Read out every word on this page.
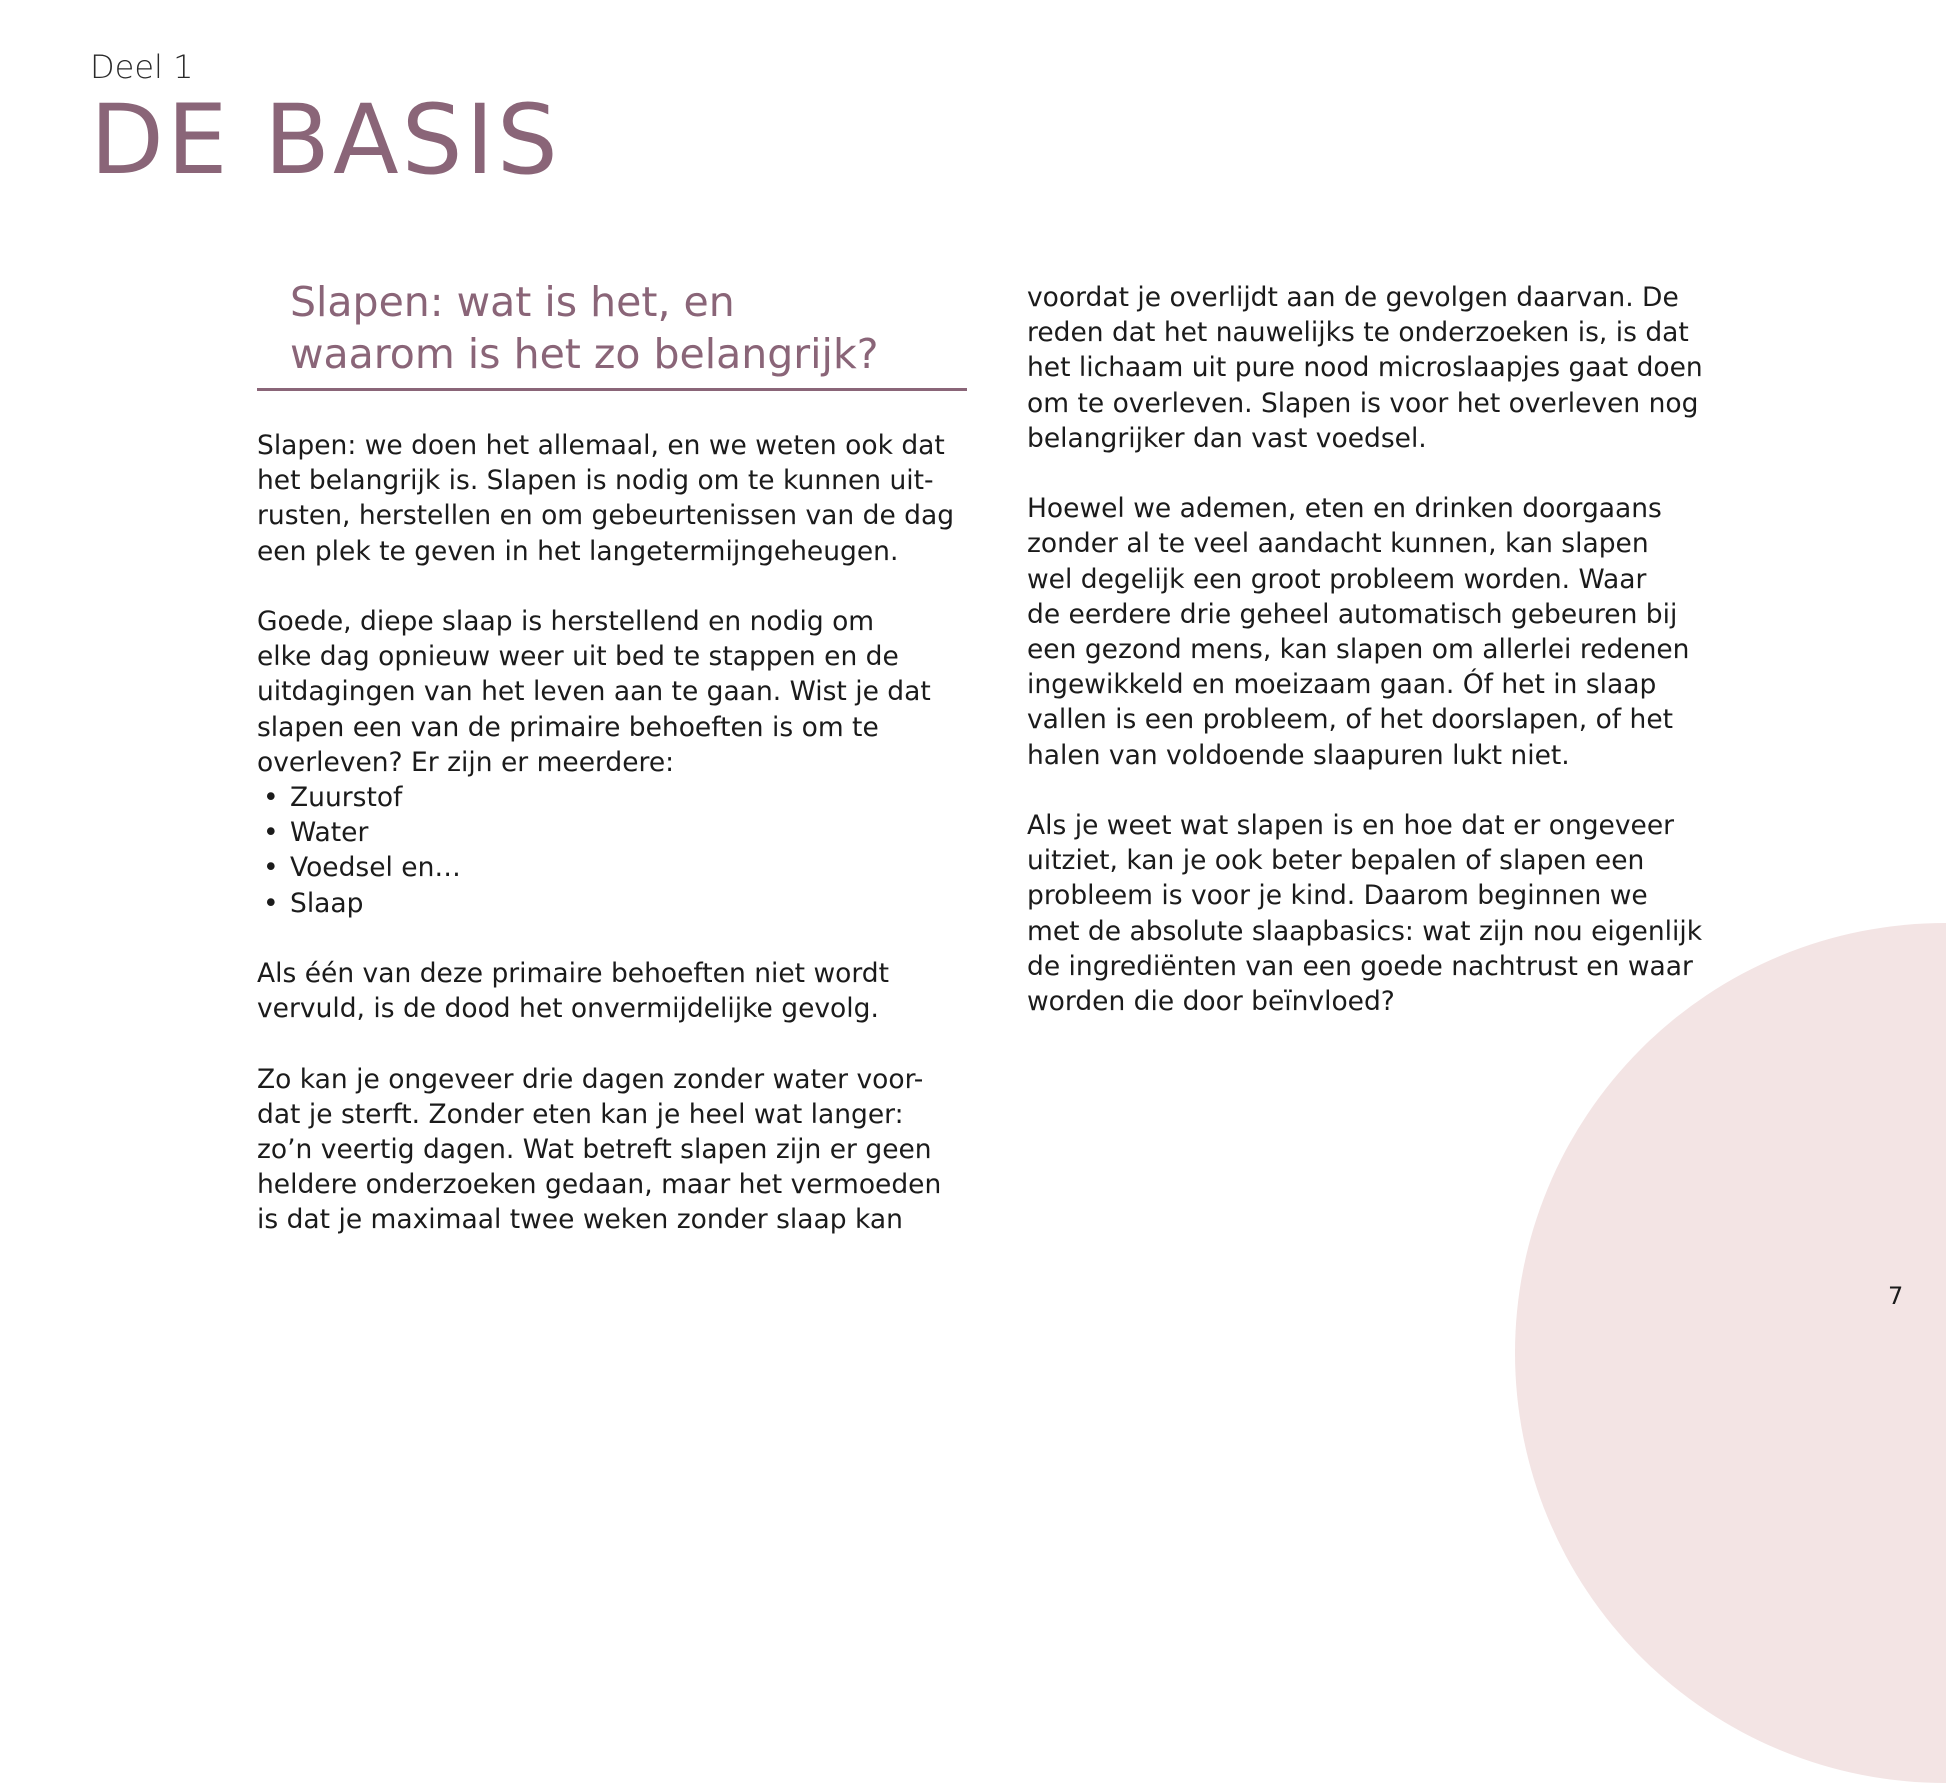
Deel 1
DE BASIS
Slapen: wat is het, en
waarom is het zo belangrijk?

Slapen: we doen het allemaal, en we weten ook dat
het belangrijk is. Slapen is nodig om te kunnen uit-
rusten, herstellen en om gebeurtenissen van de dag
een plek te geven in het langetermijngeheugen.

Goede, diepe slaap is herstellend en nodig om
elke dag opnieuw weer uit bed te stappen en de
uitdagingen van het leven aan te gaan. Wist je dat
slapen een van de primaire behoeften is om te
overleven? Er zijn er meerdere:

• Zuurstof
• Water
• Voedsel en…
• Slaap

Als één van deze primaire behoeften niet wordt
vervuld, is de dood het onvermijdelijke gevolg.

Zo kan je ongeveer drie dagen zonder water voor-
dat je sterft. Zonder eten kan je heel wat langer:
zo’n veertig dagen. Wat betreft slapen zijn er geen
heldere onderzoeken gedaan, maar het vermoeden
is dat je maximaal twee weken zonder slaap kan

voordat je overlijdt aan de gevolgen daarvan. De
reden dat het nauwelijks te onderzoeken is, is dat
het lichaam uit pure nood microslaapjes gaat doen
om te overleven. Slapen is voor het overleven nog
belangrijker dan vast voedsel.

Hoewel we ademen, eten en drinken doorgaans
zonder al te veel aandacht kunnen, kan slapen
wel degelijk een groot probleem worden. Waar
de eerdere drie geheel automatisch gebeuren bij
een gezond mens, kan slapen om allerlei redenen
ingewikkeld en moeizaam gaan. Óf het in slaap
vallen is een probleem, of het doorslapen, of het
halen van voldoende slaapuren lukt niet.

Als je weet wat slapen is en hoe dat er ongeveer
uitziet, kan je ook beter bepalen of slapen een
probleem is voor je kind. Daarom beginnen we
met de absolute slaapbasics: wat zijn nou eigenlijk
de ingrediënten van een goede nachtrust en waar
worden die door beïnvloed?

7
